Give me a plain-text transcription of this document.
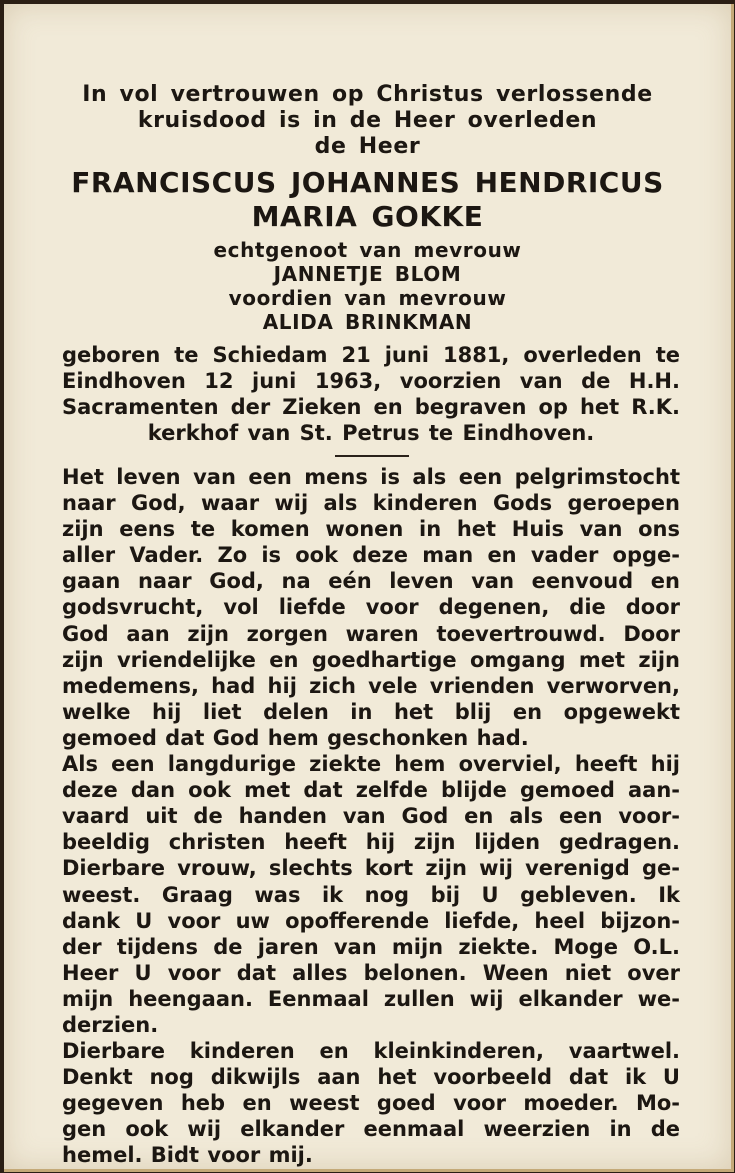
In vol vertrouwen op Christus verlossende
kruisdood is in de Heer overleden
de Heer
FRANCISCUS JOHANNES HENDRICUS
MARIA GOKKE
echtgenoot van mevrouw
JANNETJE BLOM
voordien van mevrouw
ALIDA BRINKMAN
geboren te Schiedam 21 juni 1881, overleden te
Eindhoven 12 juni 1963, voorzien van de H.H.
Sacramenten der Zieken en begraven op het R.K.
kerkhof van St. Petrus te Eindhoven.
Het leven van een mens is als een pelgrimstocht
naar God, waar wij als kinderen Gods geroepen
zijn eens te komen wonen in het Huis van ons
aller Vader. Zo is ook deze man en vader opge-
gaan naar God, na eén leven van eenvoud en
godsvrucht, vol liefde voor degenen, die door
God aan zijn zorgen waren toevertrouwd. Door
zijn vriendelijke en goedhartige omgang met zijn
medemens, had hij zich vele vrienden verworven,
welke hij liet delen in het blij en opgewekt
gemoed dat God hem geschonken had.
Als een langdurige ziekte hem overviel, heeft hij
deze dan ook met dat zelfde blijde gemoed aan-
vaard uit de handen van God en als een voor-
beeldig christen heeft hij zijn lijden gedragen.
Dierbare vrouw, slechts kort zijn wij verenigd ge-
weest. Graag was ik nog bij U gebleven. Ik
dank U voor uw opofferende liefde, heel bijzon-
der tijdens de jaren van mijn ziekte. Moge O.L.
Heer U voor dat alles belonen. Ween niet over
mijn heengaan. Eenmaal zullen wij elkander we-
derzien.
Dierbare kinderen en kleinkinderen, vaartwel.
Denkt nog dikwijls aan het voorbeeld dat ik U
gegeven heb en weest goed voor moeder. Mo-
gen ook wij elkander eenmaal weerzien in de
hemel. Bidt voor mij.
